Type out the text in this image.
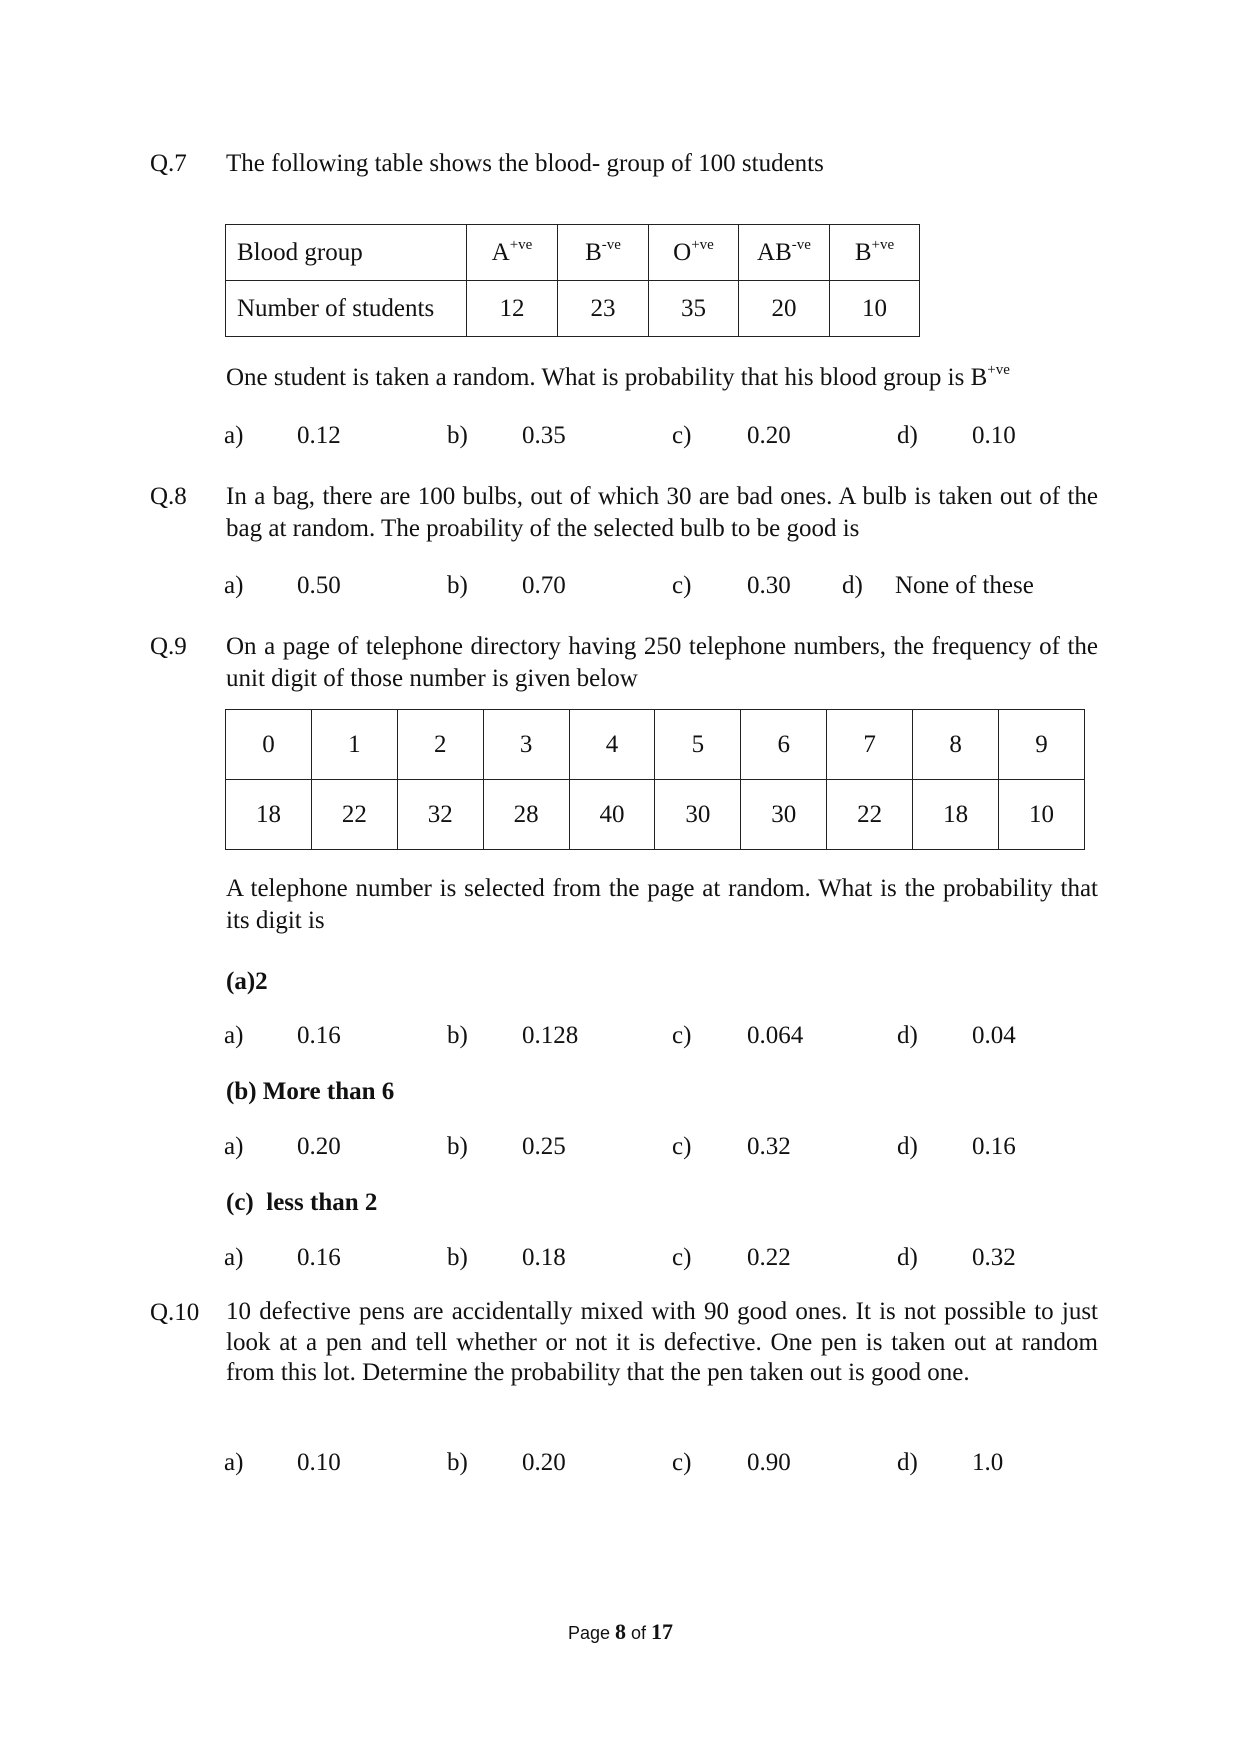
Q.7 The following table shows the blood- group of 100 students
Blood group	$A^{+ve}$	$B^{-ve}$	$O^{+ve}$	$AB^{-ve}$	$B^{+ve}$
Number of students	12	23	35	20	10
One student is taken a random. What is probability that his blood group is $B^{+ve}$
a) 0.12	b) 0.35	c) 0.20	d) 0.10
Q.8 In a bag, there are 100 bulbs, out of which 30 are bad ones. A bulb is taken out of the bag at random. The proability of the selected bulb to be good is
a) 0.50	b) 0.70	c) 0.30 d) None of these
Q.9 On a page of telephone directory having 250 telephone numbers, the frequency of the unit digit of those number is given below
0	1	2	3	4	5	6	7	8	9
18	22	32	28	40	30	30	22	18	10
A telephone number is selected from the page at random. What is the probability that its digit is
(a)2
a) 0.16	b) 0.128	c) 0.064	d) 0.04
(b) More than 6
a) 0.20	b) 0.25	c) 0.32	d) 0.16
(c)  less than 2
a) 0.16	b) 0.18	c) 0.22	d) 0.32
Q.10 10 defective pens are accidentally mixed with 90 good ones. It is not possible to just look at a pen and tell whether or not it is defective. One pen is taken out at random from this lot. Determine the probability that the pen taken out is good one.
a) 0.10	b) 0.20	c) 0.90	d) 1.0
Page 8 of 17
